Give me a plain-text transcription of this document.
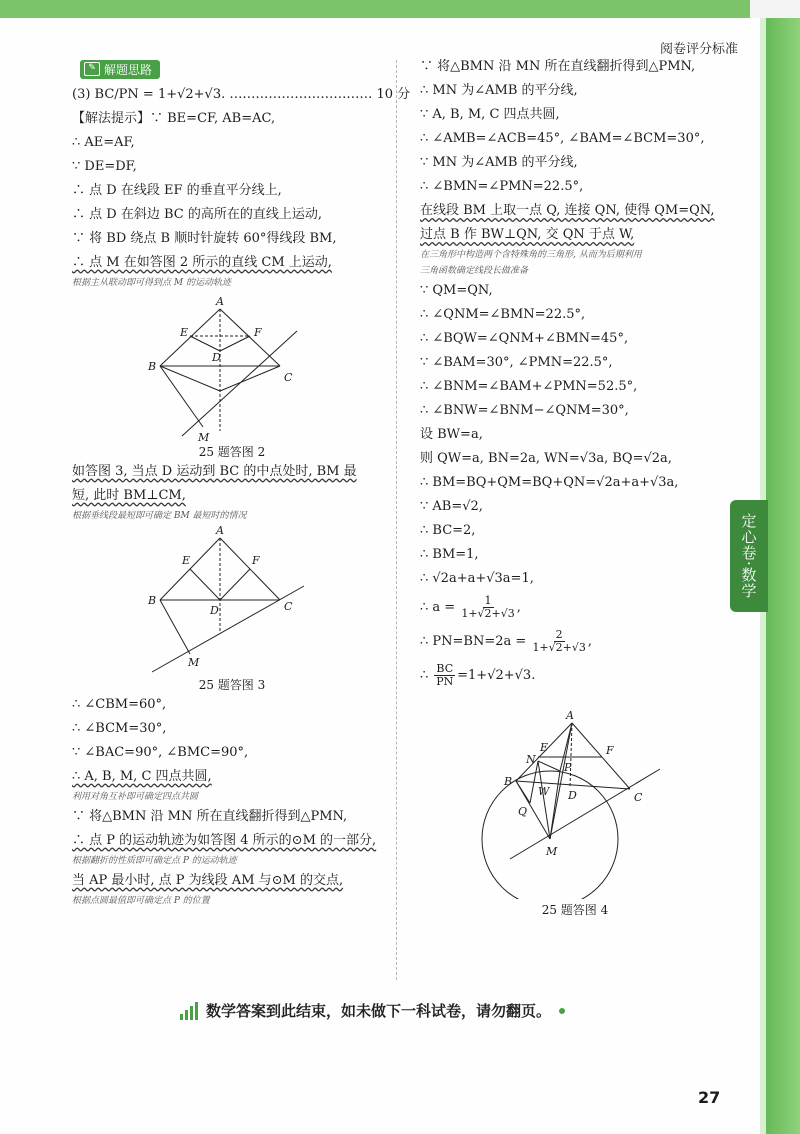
阅卷评分标准
定心卷·数学
✎ 解题思路
(3) BC/PN = 1+√2+√3. …………………………… 10 分
【解法提示】∵ BE=CF, AB=AC,
∴ AE=AF,
∵ DE=DF,
∴ 点 D 在线段 EF 的垂直平分线上,
∴ 点 D 在斜边 BC 的高所在的直线上运动,
∵ 将 BD 绕点 B 顺时针旋转 60°得线段 BM,
∴ 点 M 在如答图 2 所示的直线 CM 上运动,
根据主从联动即可得到点 M 的运动轨迹
A
E	F
B
D
C
M
25 题答图 2
如答图 3, 当点 D 运动到 BC 的中点处时, BM 最
短, 此时 BM⊥CM,
根据垂线段最短即可确定 BM 最短时的情况
A
E	F
B
D	C
M
25 题答图 3
∴ ∠CBM=60°,
∴ ∠BCM=30°,
∵ ∠BAC=90°, ∠BMC=90°,
∴ A, B, M, C 四点共圆,
利用对角互补即可确定四点共圆
∵ 将△BMN 沿 MN 所在直线翻折得到△PMN,
∴ 点 P 的运动轨迹为如答图 4 所示的⊙M 的一部分,
根据翻折的性质即可确定点 P 的运动轨迹
当 AP 最小时, 点 P 为线段 AM 与⊙M 的交点,
根据点圆最值即可确定点 P 的位置
∵ 将△BMN 沿 MN 所在直线翻折得到△PMN,
∴ MN 为∠AMB 的平分线,
∵ A, B, M, C 四点共圆,
∴ ∠AMB=∠ACB=45°, ∠BAM=∠BCM=30°,
∵ MN 为∠AMB 的平分线,
∴ ∠BMN=∠PMN=22.5°,
在线段 BM 上取一点 Q, 连接 QN, 使得 QM=QN,
过点 B 作 BW⊥QN, 交 QN 于点 W,
在三角形中构造两个含特殊角的三角形, 从而为后期利用
三角函数确定线段长做准备
∵ QM=QN,
∴ ∠QNM=∠BMN=22.5°,
∴ ∠BQW=∠QNM+∠BMN=45°,
∵ ∠BAM=30°, ∠PMN=22.5°,
∴ ∠BNM=∠BAM+∠PMN=52.5°,
∴ ∠BNW=∠BNM−∠QNM=30°,
设 BW=a,
则 QW=a, BN=2a, WN=√3a, BQ=√2a,
∴ BM=BQ+QM=BQ+QN=√2a+a+√3a,
∵ AB=√2,
∴ BC=2,
∴ BM=1,
∴ √2a+a+√3a=1,
∴ $a = \frac{1}{1+√2+√3}$ ,
∴ $PN=BN=2a = \frac{2}{1+√2+√3}$ ,
∴ $\frac{BC}{PN} =1+√2+√3$.
A
E	F
N
P
B
W D	C
Q
M
25 题答图 4
数学答案到此结束，如未做下一科试卷，请勿翻页。
27
